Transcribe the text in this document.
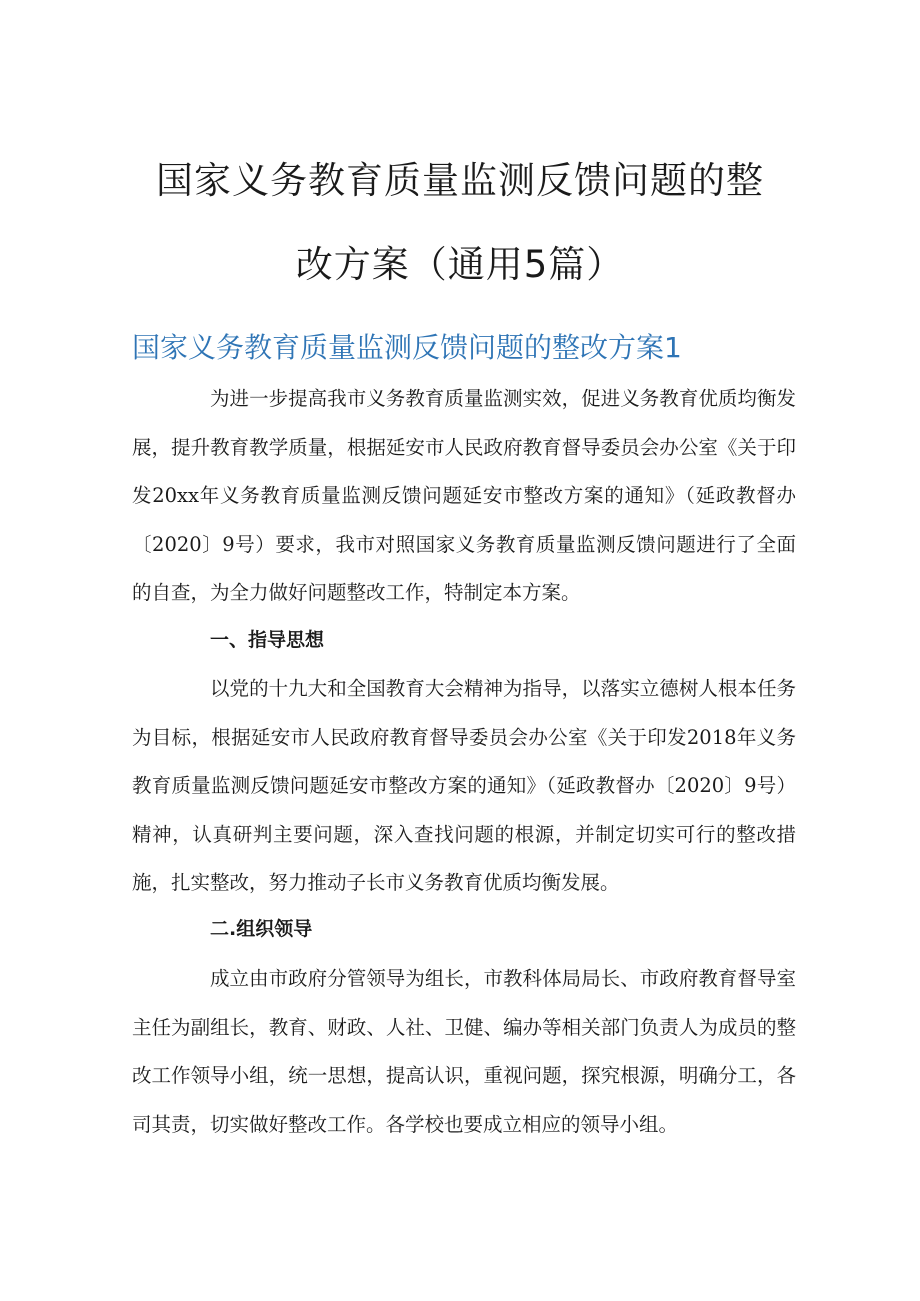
国家义务教育质量监测反馈问题的整
改方案（通用5篇）
国家义务教育质量监测反馈问题的整改方案1

为进一步提高我市义务教育质量监测实效，促进义务教育优质均衡发展，提升教育教学质量，根据延安市人民政府教育督导委员会办公室《关于印发20xx年义务教育质量监测反馈问题延安市整改方案的通知》（延政教督办〔2020〕9号）要求，我市对照国家义务教育质量监测反馈问题进行了全面的自查，为全力做好问题整改工作，特制定本方案。

一、指导思想

以党的十九大和全国教育大会精神为指导，以落实立德树人根本任务为目标，根据延安市人民政府教育督导委员会办公室《关于印发2018年义务教育质量监测反馈问题延安市整改方案的通知》（延政教督办〔2020〕9号）精神，认真研判主要问题，深入查找问题的根源，并制定切实可行的整改措施，扎实整改，努力推动子长市义务教育优质均衡发展。

二.组织领导

成立由市政府分管领导为组长，市教科体局局长、市政府教育督导室主任为副组长，教育、财政、人社、卫健、编办等相关部门负责人为成员的整改工作领导小组，统一思想，提高认识，重视问题，探究根源，明确分工，各司其责，切实做好整改工作。各学校也要成立相应的领导小组。
